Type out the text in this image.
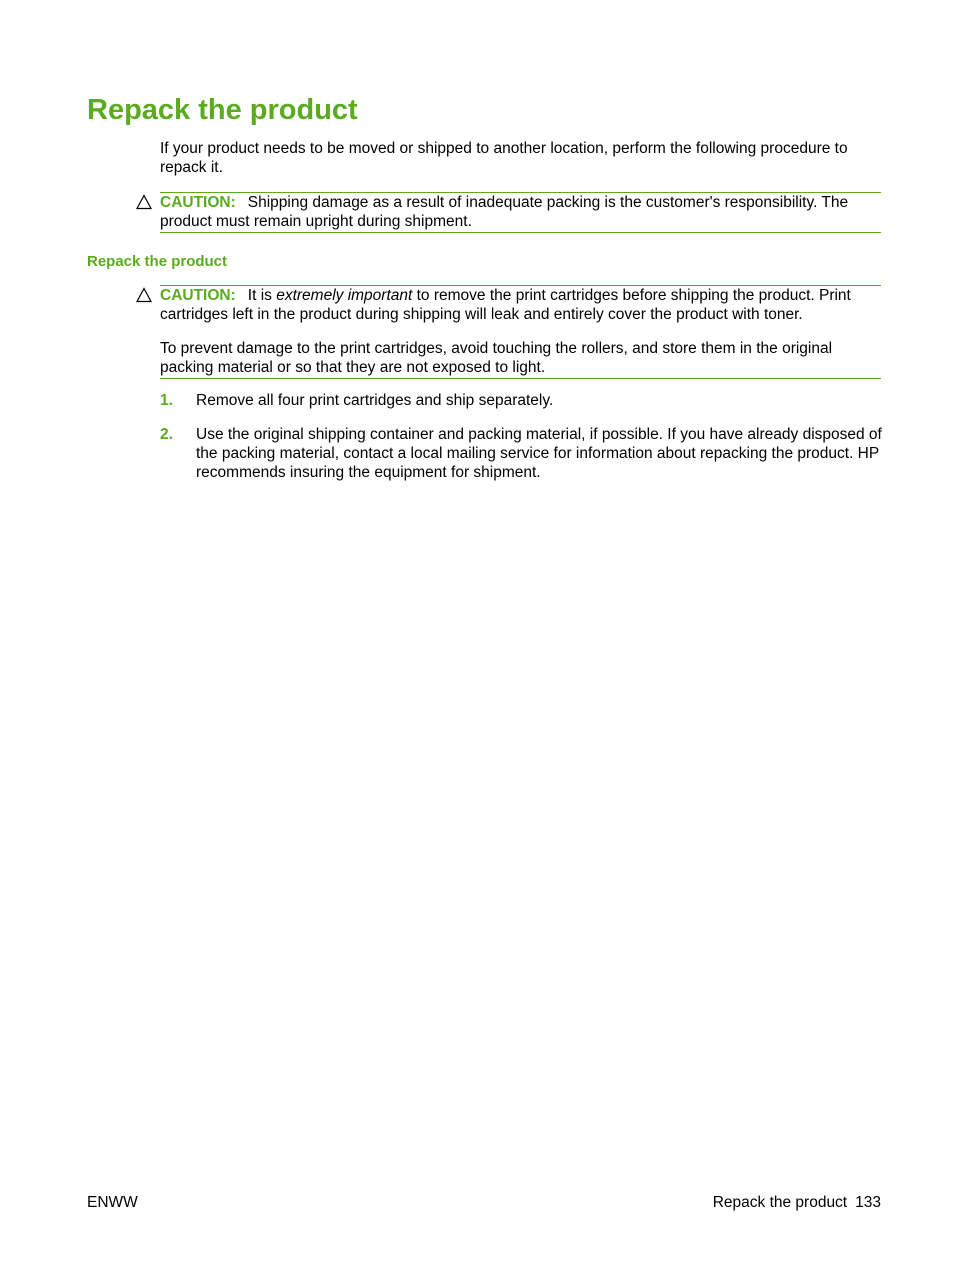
Repack the product

If your product needs to be moved or shipped to another location, perform the following procedure to repack it.

CAUTION: Shipping damage as a result of inadequate packing is the customer's responsibility. The product must remain upright during shipment.

Repack the product

CAUTION: It is extremely important to remove the print cartridges before shipping the product. Print cartridges left in the product during shipping will leak and entirely cover the product with toner.

To prevent damage to the print cartridges, avoid touching the rollers, and store them in the original packing material or so that they are not exposed to light.

1. Remove all four print cartridges and ship separately.
2. Use the original shipping container and packing material, if possible. If you have already disposed of the packing material, contact a local mailing service for information about repacking the product. HP recommends insuring the equipment for shipment.
ENWW	Repack the product 133
